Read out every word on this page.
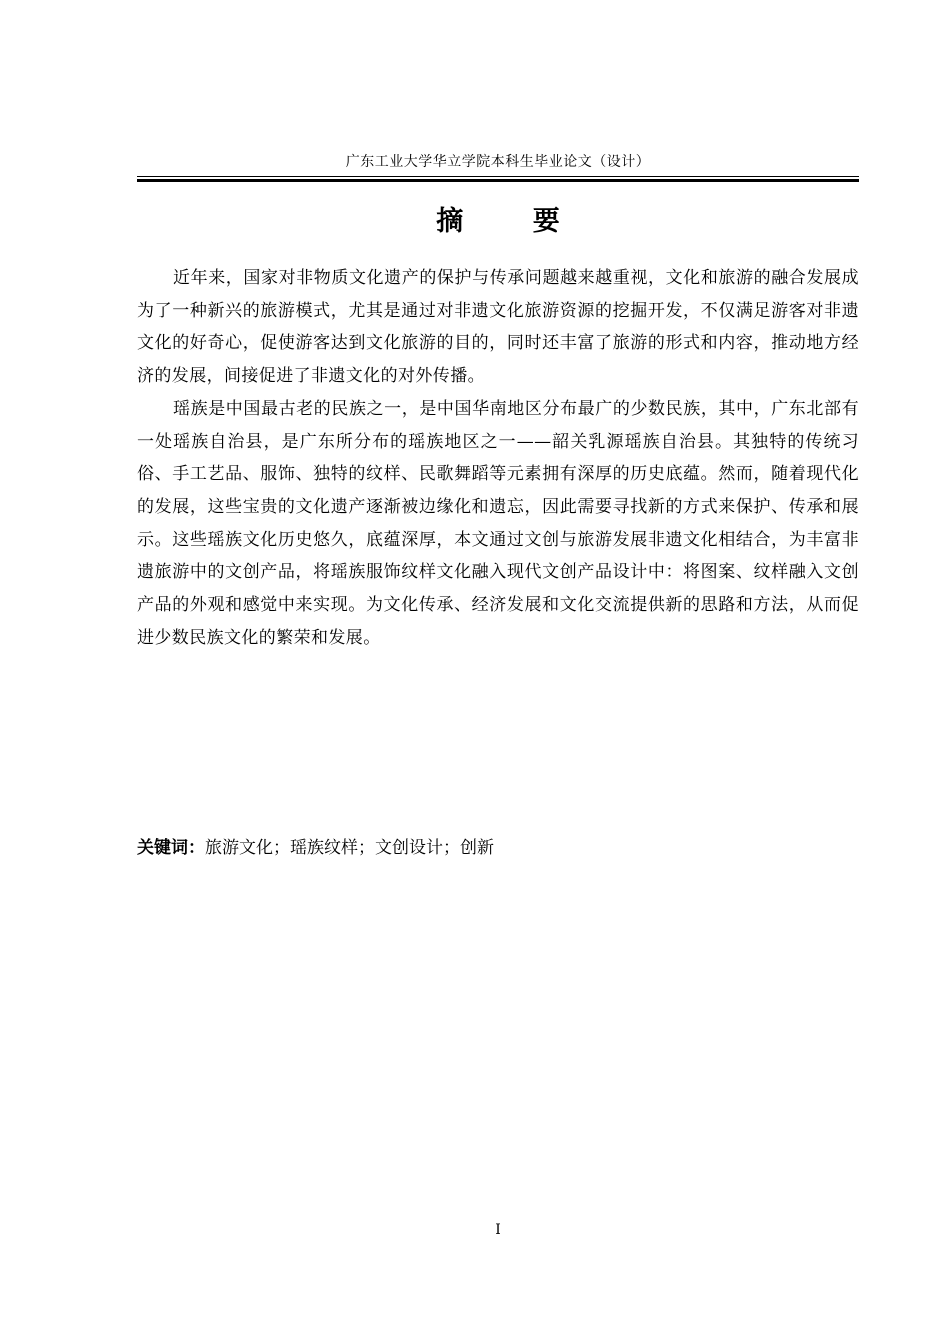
广东工业大学华立学院本科生毕业论文（设计）
摘 要

近年来，国家对非物质文化遗产的保护与传承问题越来越重视，文化和旅游的融合发展成为了一种新兴的旅游模式，尤其是通过对非遗文化旅游资源的挖掘开发，不仅满足游客对非遗文化的好奇心，促使游客达到文化旅游的目的，同时还丰富了旅游的形式和内容，推动地方经济的发展，间接促进了非遗文化的对外传播。

瑶族是中国最古老的民族之一，是中国华南地区分布最广的少数民族，其中，广东北部有一处瑶族自治县，是广东所分布的瑶族地区之一——韶关乳源瑶族自治县。其独特的传统习俗、手工艺品、服饰、独特的纹样、民歌舞蹈等元素拥有深厚的历史底蕴。然而，随着现代化的发展，这些宝贵的文化遗产逐渐被边缘化和遗忘，因此需要寻找新的方式来保护、传承和展示。这些瑶族文化历史悠久，底蕴深厚，本文通过文创与旅游发展非遗文化相结合，为丰富非遗旅游中的文创产品，将瑶族服饰纹样文化融入现代文创产品设计中：将图案、纹样融入文创产品的外观和感觉中来实现。为文化传承、经济发展和文化交流提供新的思路和方法，从而促进少数民族文化的繁荣和发展。

关键词：旅游文化；瑶族纹样；文创设计；创新
I
